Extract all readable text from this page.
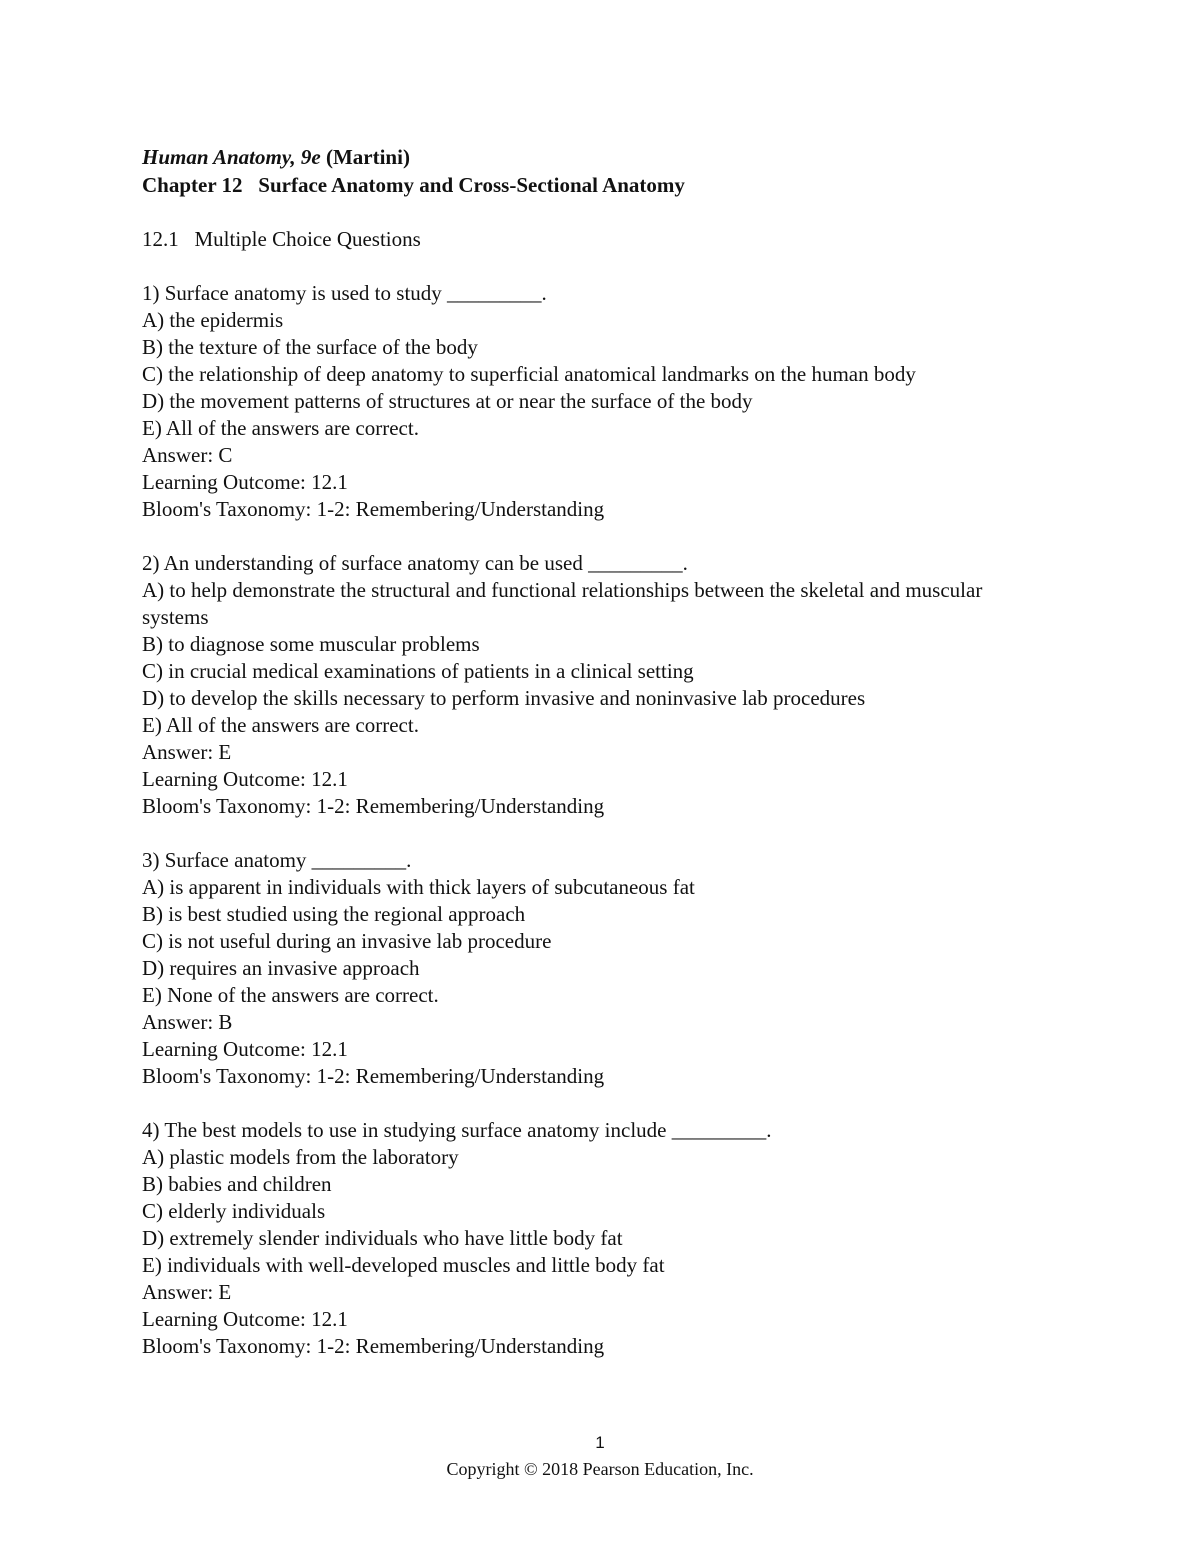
Human Anatomy, 9e (Martini)
Chapter 12 Surface Anatomy and Cross-Sectional Anatomy
12.1 Multiple Choice Questions
1) Surface anatomy is used to study _________.
A) the epidermis
B) the texture of the surface of the body
C) the relationship of deep anatomy to superficial anatomical landmarks on the human body
D) the movement patterns of structures at or near the surface of the body
E) All of the answers are correct.
Answer: C
Learning Outcome: 12.1
Bloom's Taxonomy: 1-2: Remembering/Understanding
2) An understanding of surface anatomy can be used _________.
A) to help demonstrate the structural and functional relationships between the skeletal and muscular systems
B) to diagnose some muscular problems
C) in crucial medical examinations of patients in a clinical setting
D) to develop the skills necessary to perform invasive and noninvasive lab procedures
E) All of the answers are correct.
Answer: E
Learning Outcome: 12.1
Bloom's Taxonomy: 1-2: Remembering/Understanding
3) Surface anatomy _________.
A) is apparent in individuals with thick layers of subcutaneous fat
B) is best studied using the regional approach
C) is not useful during an invasive lab procedure
D) requires an invasive approach
E) None of the answers are correct.
Answer: B
Learning Outcome: 12.1
Bloom's Taxonomy: 1-2: Remembering/Understanding
4) The best models to use in studying surface anatomy include _________.
A) plastic models from the laboratory
B) babies and children
C) elderly individuals
D) extremely slender individuals who have little body fat
E) individuals with well-developed muscles and little body fat
Answer: E
Learning Outcome: 12.1
Bloom's Taxonomy: 1-2: Remembering/Understanding
1
Copyright © 2018 Pearson Education, Inc.
